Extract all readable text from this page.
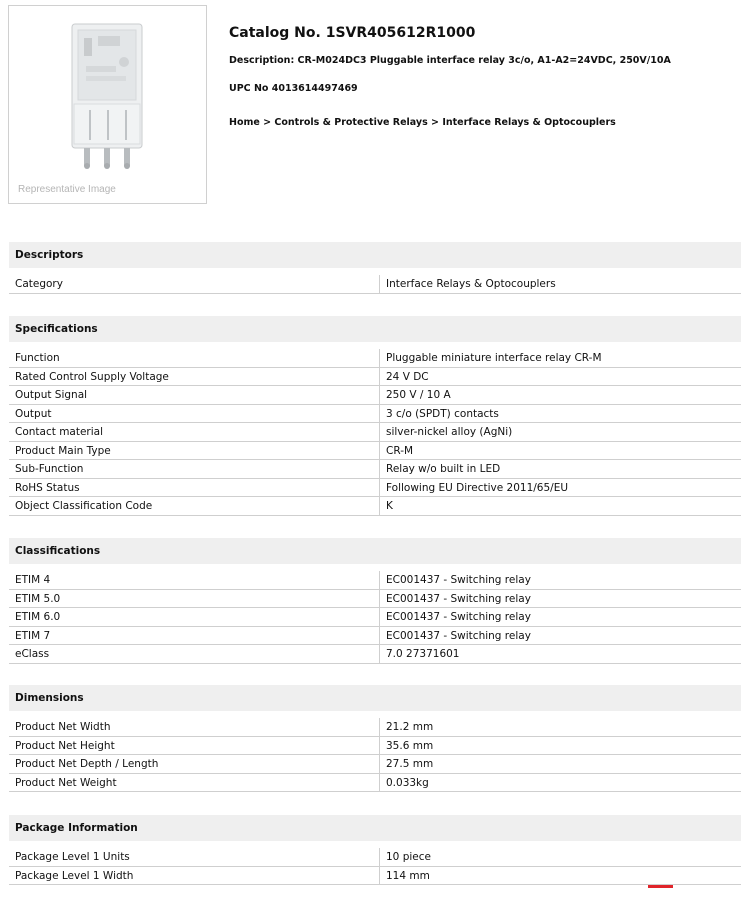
Representative Image
Catalog No. 1SVR405612R1000
Description: CR-M024DC3 Pluggable interface relay 3c/o, A1-A2=24VDC, 250V/10A
UPC No 4013614497469
Home > Controls & Protective Relays > Interface Relays & Optocouplers
Descriptors
Category	Interface Relays & Optocouplers
Specifications
Function	Pluggable miniature interface relay CR-M
Rated Control Supply Voltage	24 V DC
Output Signal	250 V / 10 A
Output	3 c/o (SPDT) contacts
Contact material	silver-nickel alloy (AgNi)
Product Main Type	CR-M
Sub-Function	Relay w/o built in LED
RoHS Status	Following EU Directive 2011/65/EU
Object Classification Code	K
Classifications
ETIM 4	EC001437 - Switching relay
ETIM 5.0	EC001437 - Switching relay
ETIM 6.0	EC001437 - Switching relay
ETIM 7	EC001437 - Switching relay
eClass	7.0 27371601
Dimensions
Product Net Width	21.2 mm
Product Net Height	35.6 mm
Product Net Depth / Length	27.5 mm
Product Net Weight	0.033kg
Package Information
Package Level 1 Units	10 piece
Package Level 1 Width	114 mm
